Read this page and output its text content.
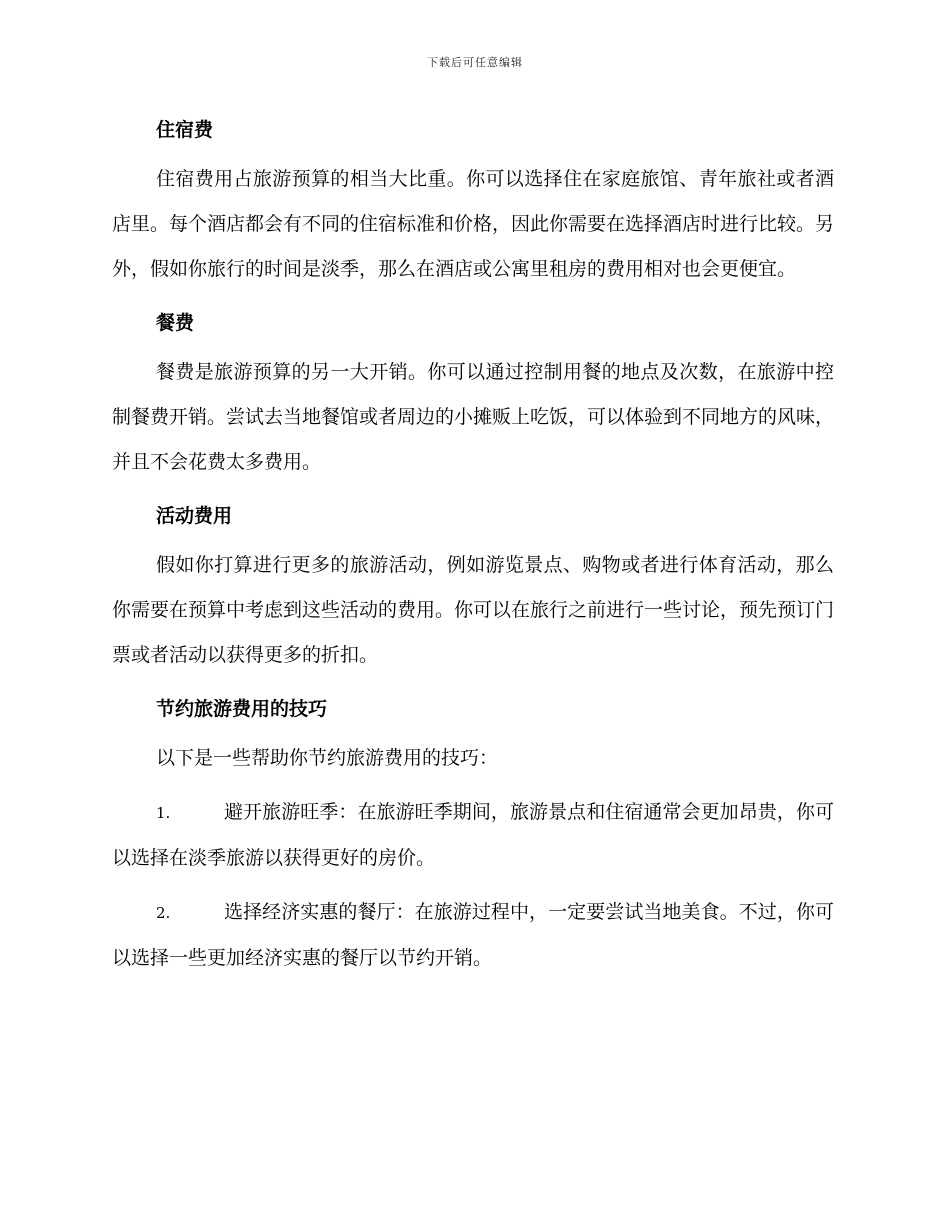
下载后可任意编辑
住宿费

住宿费用占旅游预算的相当大比重。你可以选择住在家庭旅馆、青年旅社或者酒店里。每个酒店都会有不同的住宿标准和价格，因此你需要在选择酒店时进行比较。另外，假如你旅行的时间是淡季，那么在酒店或公寓里租房的费用相对也会更便宜。

餐费

餐费是旅游预算的另一大开销。你可以通过控制用餐的地点及次数，在旅游中控制餐费开销。尝试去当地餐馆或者周边的小摊贩上吃饭，可以体验到不同地方的风味，并且不会花费太多费用。

活动费用

假如你打算进行更多的旅游活动，例如游览景点、购物或者进行体育活动，那么你需要在预算中考虑到这些活动的费用。你可以在旅行之前进行一些讨论，预先预订门票或者活动以获得更多的折扣。

节约旅游费用的技巧

以下是一些帮助你节约旅游费用的技巧：

1.	避开旅游旺季：在旅游旺季期间，旅游景点和住宿通常会更加昂贵，你可以选择在淡季旅游以获得更好的房价。

2.	选择经济实惠的餐厅：在旅游过程中，一定要尝试当地美食。不过，你可以选择一些更加经济实惠的餐厅以节约开销。
